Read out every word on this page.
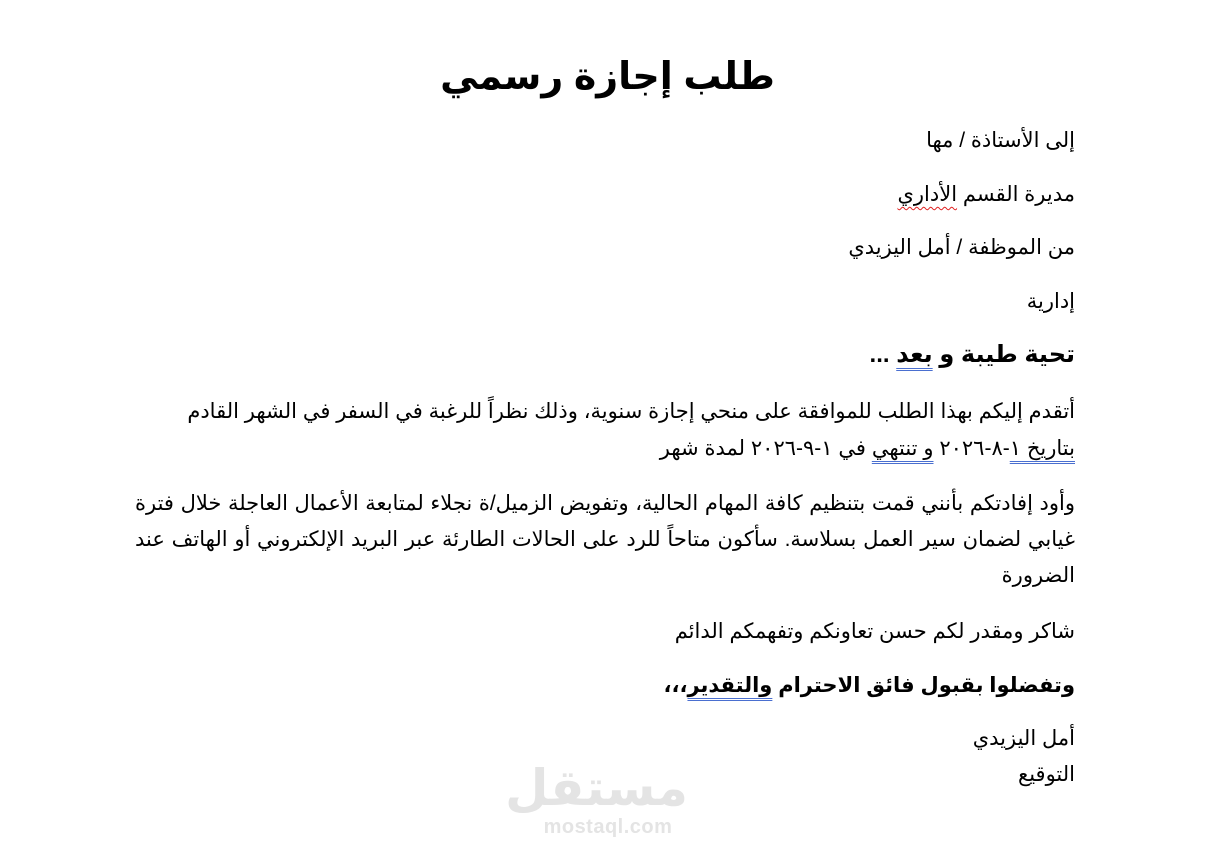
طلب إجازة رسمي
إلى الأستاذة / مها
مديرة القسم الأداري
من الموظفة / أمل اليزيدي
إدارية
تحية طيبة و بعد ...
أتقدم إليكم بهذا الطلب للموافقة على منحي إجازة سنوية، وذلك نظراً للرغبة في السفر في الشهر القادم
بتاريخ ١-٨-٢٠٢٦ و تنتهي في ١-٩-٢٠٢٦ لمدة شهر
وأود إفادتكم بأنني قمت بتنظيم كافة المهام الحالية، وتفويض الزميل/ة نجلاء لمتابعة الأعمال العاجلة خلال فترة غيابي لضمان سير العمل بسلاسة. سأكون متاحاً للرد على الحالات الطارئة عبر البريد الإلكتروني أو الهاتف عند الضرورة
شاكر ومقدر لكم حسن تعاونكم وتفهمكم الدائم
وتفضلوا بقبول فائق الاحترام والتقدير،،،
أمل اليزيدي
التوقيع
مستقل
mostaql.com
